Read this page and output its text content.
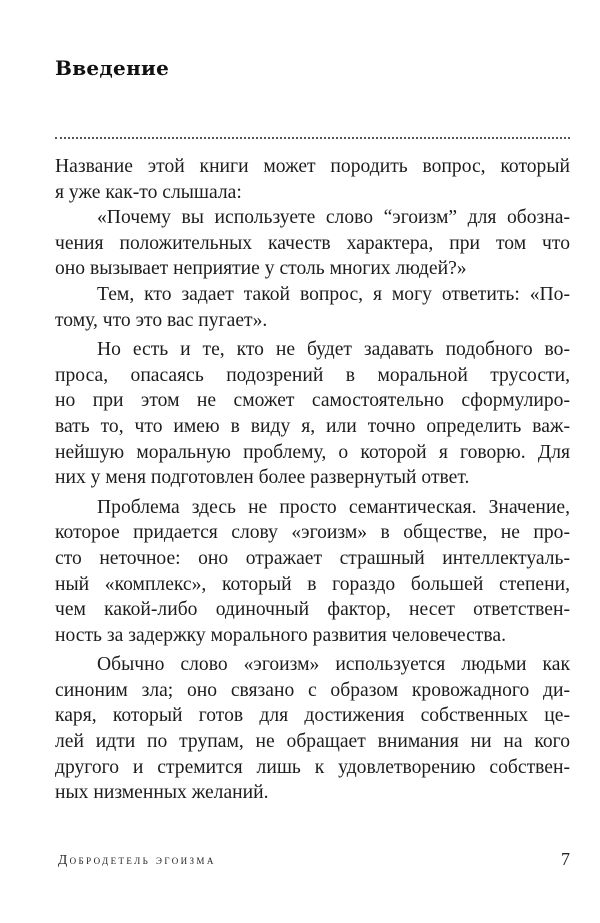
Введение

Название этой книги может породить вопрос, который
я уже как-то слышала:

«Почему вы используете слово “эгоизм” для обозна-
чения положительных качеств характера, при том что
оно вызывает неприятие у столь многих людей?»

Тем, кто задает такой вопрос, я могу ответить: «По-
тому, что это вас пугает».

Но есть и те, кто не будет задавать подобного во-
проса, опасаясь подозрений в моральной трусости,
но при этом не сможет самостоятельно сформулиро-
вать то, что имею в виду я, или точно определить важ-
нейшую моральную проблему, о которой я говорю. Для
них у меня подготовлен более развернутый ответ.

Проблема здесь не просто семантическая. Значение,
которое придается слову «эгоизм» в обществе, не про-
сто неточное: оно отражает страшный интеллектуаль-
ный «комплекс», который в гораздо большей степени,
чем какой-либо одиночный фактор, несет ответствен-
ность за задержку морального развития человечества.

Обычно слово «эгоизм» используется людьми как
синоним зла; оно связано с образом кровожадного ди-
каря, который готов для достижения собственных це-
лей идти по трупам, не обращает внимания ни на кого
другого и стремится лишь к удовлетворению собствен-
ных низменных желаний.

Добродетель эгоизма	7
